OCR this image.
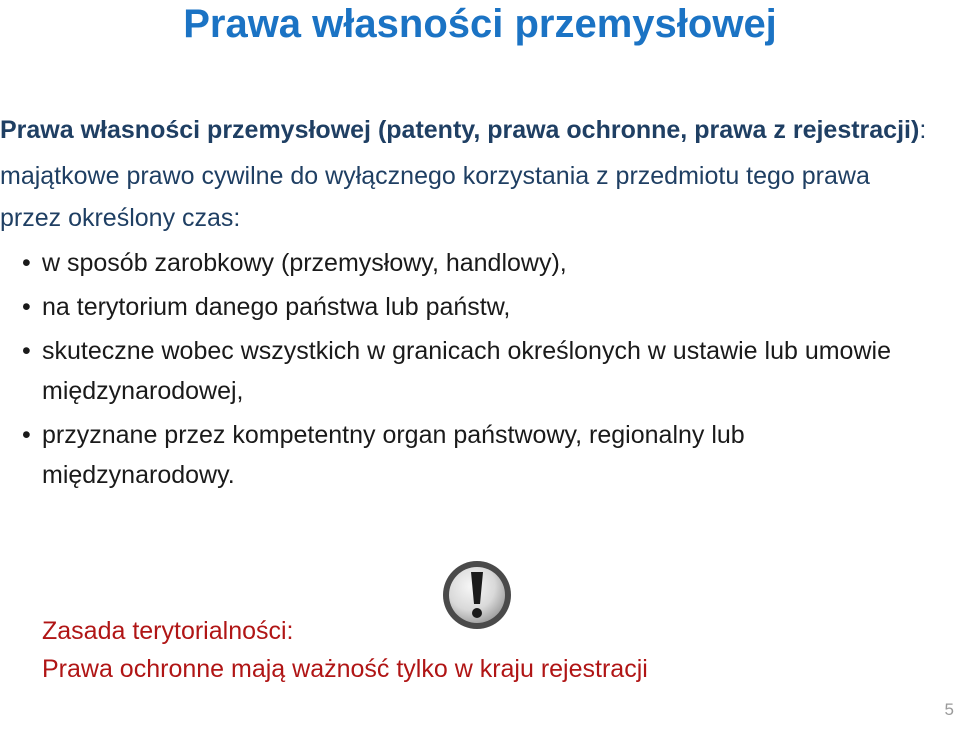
Prawa własności przemysłowej
Prawa własności przemysłowej (patenty, prawa ochronne, prawa z rejestracji):
majątkowe prawo cywilne do wyłącznego korzystania z przedmiotu tego prawa przez określony czas:
• w sposób zarobkowy (przemysłowy, handlowy),
• na terytorium danego państwa lub państw,
• skuteczne wobec wszystkich w granicach określonych w ustawie lub umowie międzynarodowej,
• przyznane przez kompetentny organ państwowy, regionalny lub międzynarodowy.
Zasada terytorialności:
Prawa ochronne mają ważność tylko w kraju rejestracji
5
